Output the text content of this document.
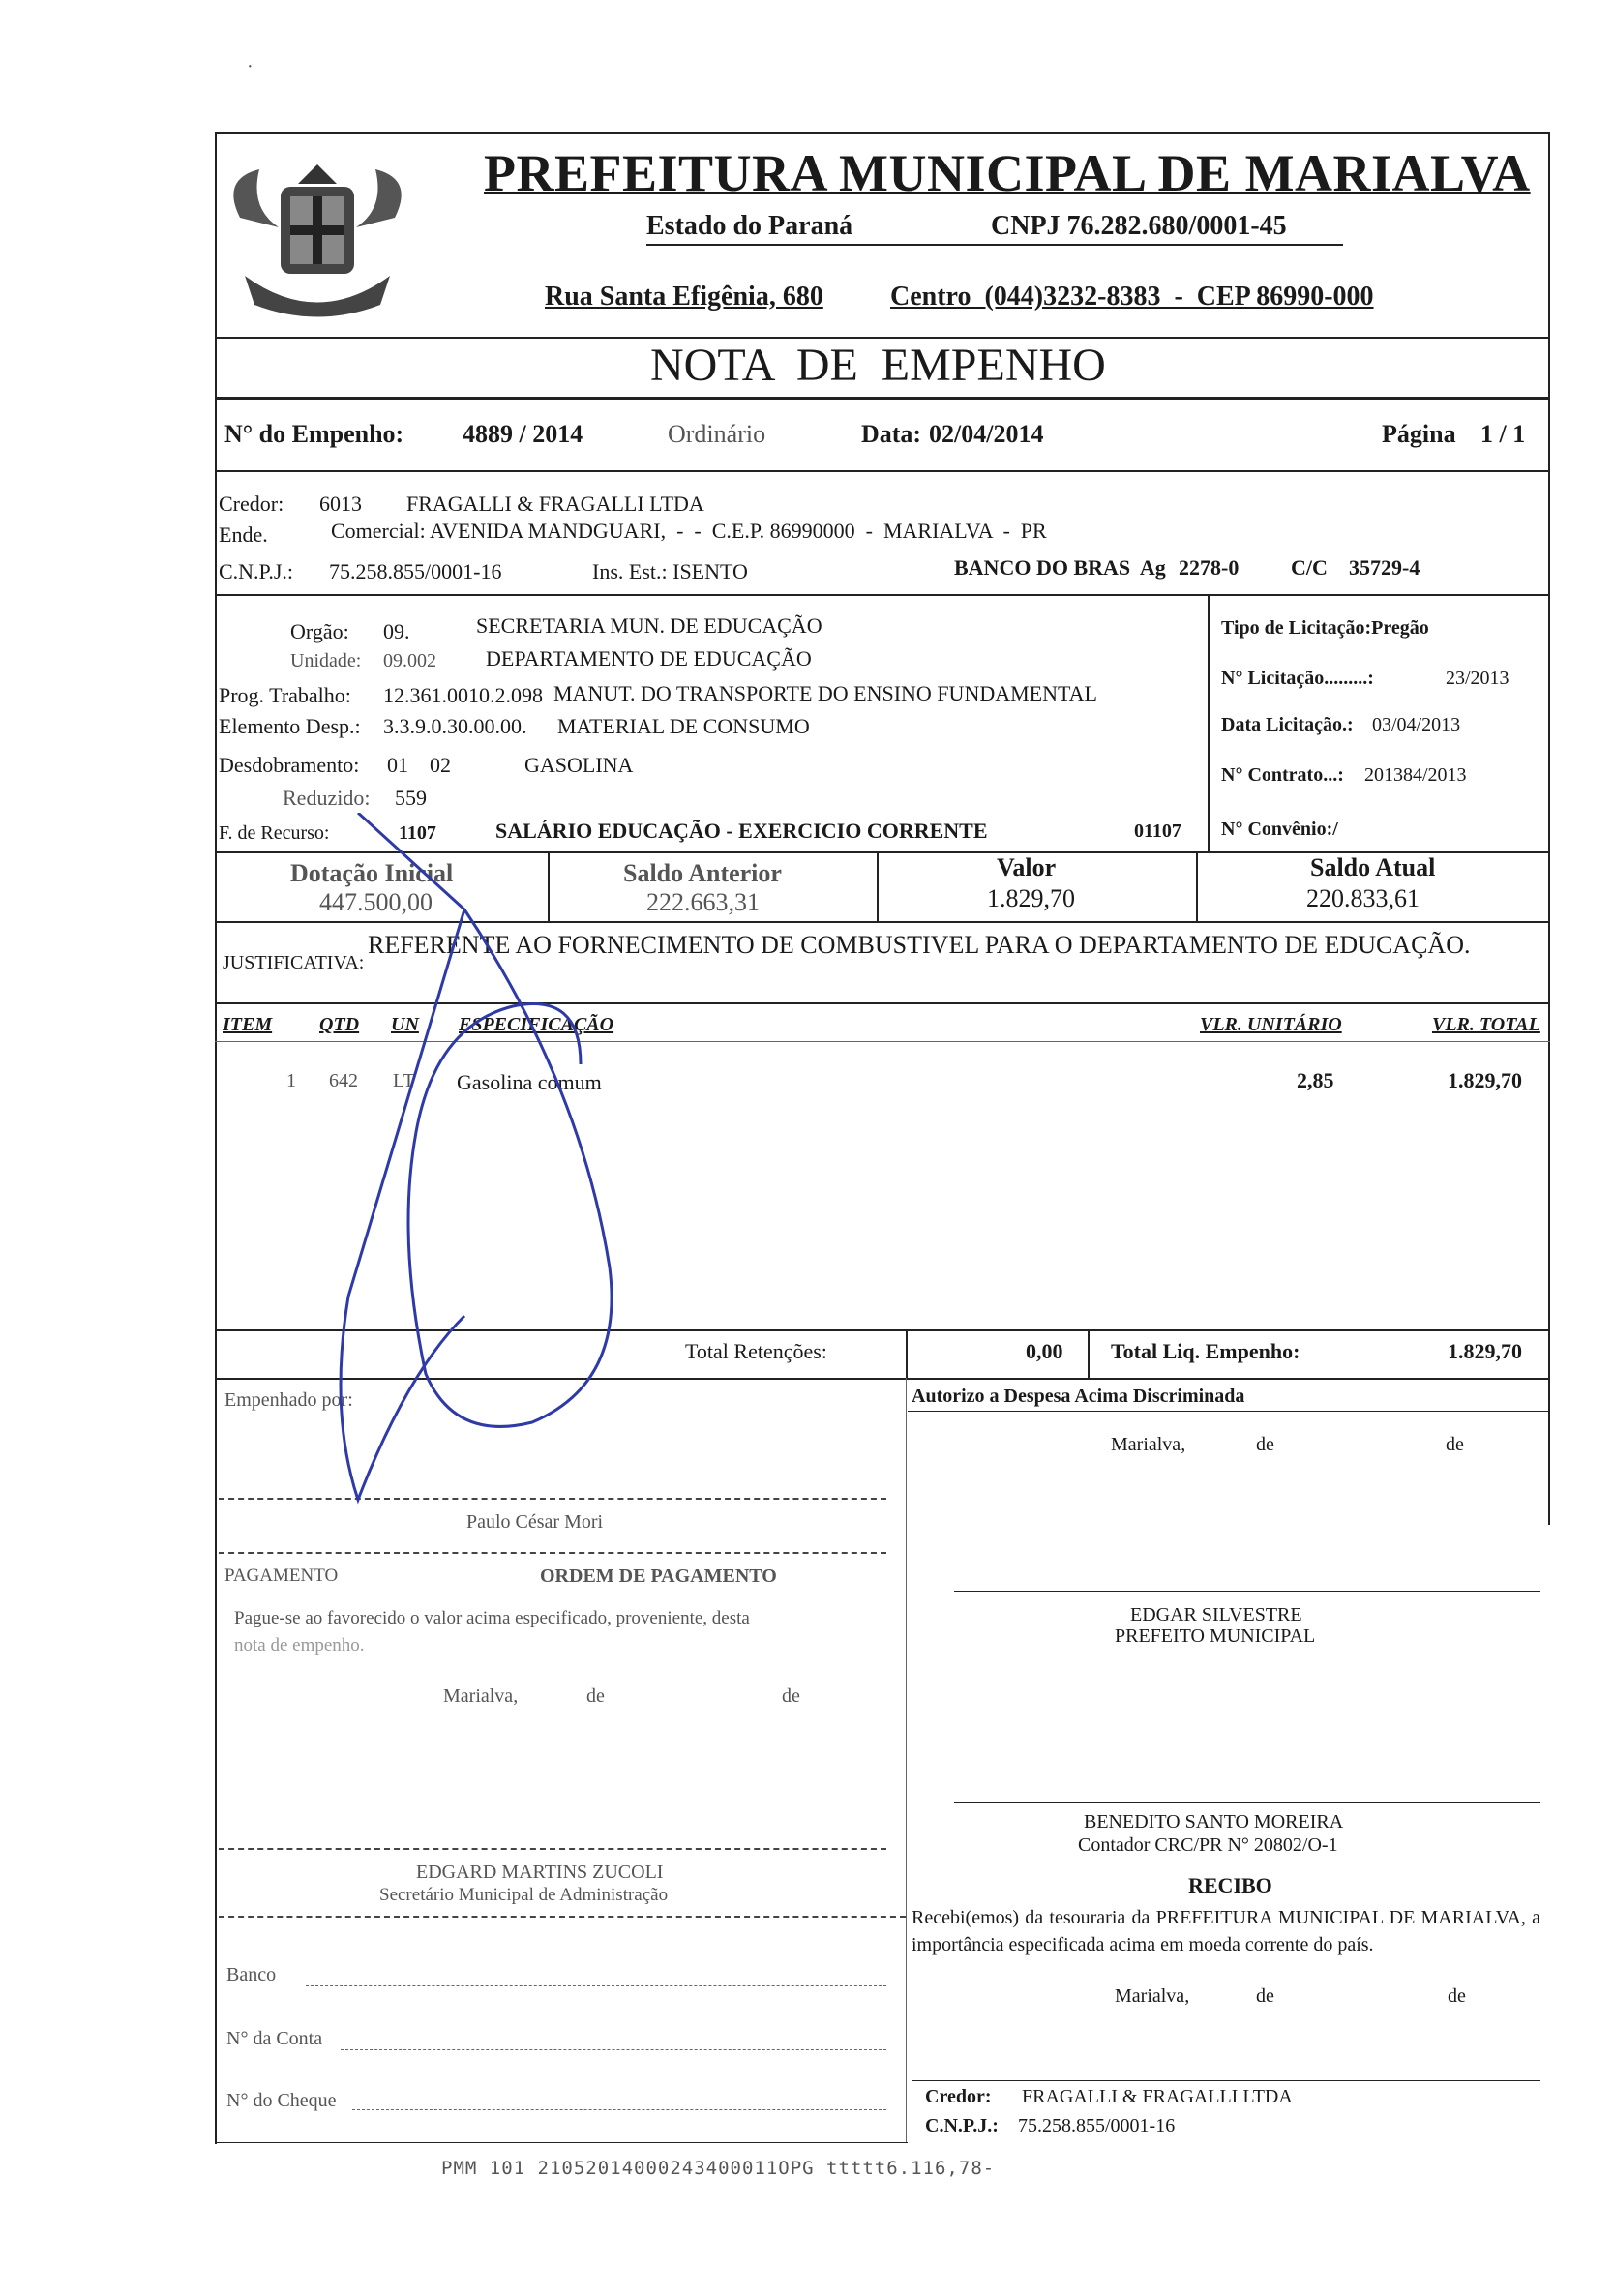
·
PREFEITURA MUNICIPAL DE MARIALVA
Estado do Paraná	CNPJ 76.282.680/0001-45
Rua Santa Efigênia, 680 Centro  (044)3232-8383  -  CEP 86990-000
NOTA  DE  EMPENHO
N° do Empenho: 4889 / 2014	Ordinário	Data: 02/04/2014	Página 1 / 1
Credor: 6013 FRAGALLI & FRAGALLI LTDA
Ende.	Comercial: AVENIDA MANDGUARI,  -  -  C.E.P. 86990000  -  MARIALVA  -  PR
C.N.P.J.: 75.258.855/0001-16	Ins. Est.: ISENTO	BANCO DO BRAS  Ag 2278-0 C/C 35729-4
Orgão: 09.	SECRETARIA MUN. DE EDUCAÇÃO
Unidade: 09.002 DEPARTAMENTO DE EDUCAÇÃO
Prog. Trabalho: 12.361.0010.2.098 MANUT. DO TRANSPORTE DO ENSINO FUNDAMENTAL
Elemento Desp.: 3.3.9.0.30.00.00. MATERIAL DE CONSUMO
Desdobramento: 01    02	GASOLINA
Reduzido: 559
F. de Recurso:	1107	SALÁRIO EDUCAÇÃO - EXERCICIO CORRENTE	01107
Tipo de Licitação:Pregão
N° Licitação.........:	23/2013
Data Licitação.: 03/04/2013
N° Contrato...: 201384/2013
N° Convênio:/
Dotação Inicial
447.500,00
Saldo Anterior
222.663,31
Valor
1.829,70
Saldo Atual
220.833,61
JUSTIFICATIVA:
REFERENTE AO FORNECIMENTO DE COMBUSTIVEL PARA O DEPARTAMENTO DE EDUCAÇÃO.
ITEM QTD UN ESPECIFICAÇÃO	VLR. UNITÁRIO	VLR. TOTAL
1 642 LT Gasolina comum	2,85	1.829,70
Total Retenções:	0,00 Total Liq. Empenho:	1.829,70
Empenhado por:
Paulo César Mori
PAGAMENTO	ORDEM DE PAGAMENTO
Pague-se ao favorecido o valor acima especificado, proveniente, desta
nota de empenho.
Marialva,	de	de
EDGARD MARTINS ZUCOLI
Secretário Municipal de Administração
Banco
N° da Conta
N° do Cheque
Autorizo a Despesa Acima Discriminada
Marialva,	de	de
EDGAR SILVESTRE
PREFEITO MUNICIPAL
BENEDITO SANTO MOREIRA
Contador CRC/PR N° 20802/O-1
RECIBO
Recebi(emos) da tesouraria da PREFEITURA MUNICIPAL DE MARIALVA, a importância especificada acima em moeda corrente do país.
Marialva,	de	de
Credor: FRAGALLI & FRAGALLI LTDA
C.N.P.J.: 75.258.855/0001-16
PMM 101 21052014000243400011OPG ttttt6.116,78-
